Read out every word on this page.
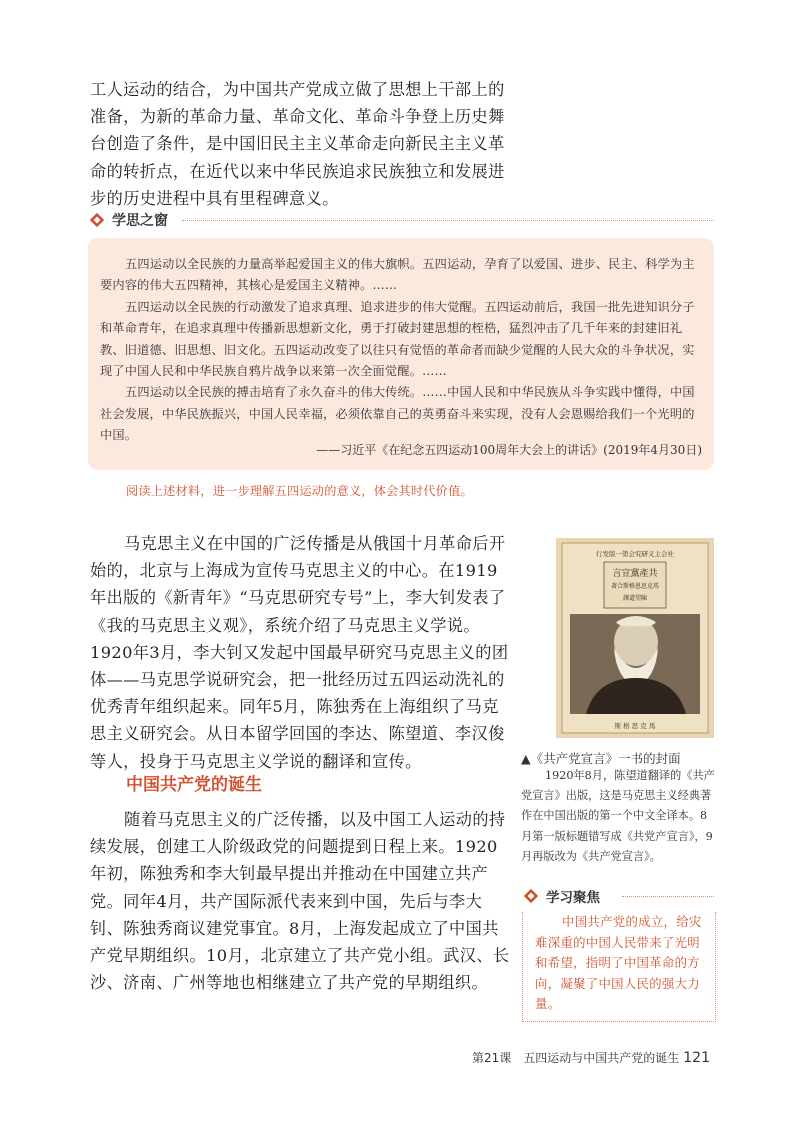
工人运动的结合，为中国共产党成立做了思想上干部上的准备，为新的革命力量、革命文化、革命斗争登上历史舞台创造了条件，是中国旧民主主义革命走向新民主主义革命的转折点，在近代以来中华民族追求民族独立和发展进步的历史进程中具有里程碑意义。

学思之窗

五四运动以全民族的力量高举起爱国主义的伟大旗帜。五四运动，孕育了以爱国、进步、民主、科学为主要内容的伟大五四精神，其核心是爱国主义精神。……

五四运动以全民族的行动激发了追求真理、追求进步的伟大觉醒。五四运动前后，我国一批先进知识分子和革命青年，在追求真理中传播新思想新文化，勇于打破封建思想的桎梏，猛烈冲击了几千年来的封建旧礼教、旧道德、旧思想、旧文化。五四运动改变了以往只有觉悟的革命者而缺少觉醒的人民大众的斗争状况，实现了中国人民和中华民族自鸦片战争以来第一次全面觉醒。……

五四运动以全民族的搏击培育了永久奋斗的伟大传统。……中国人民和中华民族从斗争实践中懂得，中国社会发展，中华民族振兴，中国人民幸福，必须依靠自己的英勇奋斗来实现，没有人会恩赐给我们一个光明的中国。

——习近平《在纪念五四运动100周年大会上的讲话》(2019年4月30日)
阅读上述材料，进一步理解五四运动的意义，体会其时代价值。

马克思主义在中国的广泛传播是从俄国十月革命后开始的，北京与上海成为宣传马克思主义的中心。在1919年出版的《新青年》“马克思研究专号”上，李大钊发表了《我的马克思主义观》，系统介绍了马克思主义学说。1920年3月，李大钊又发起中国最早研究马克思主义的团体——马克思学说研究会，把一批经历过五四运动洗礼的优秀青年组织起来。同年5月，陈独秀在上海组织了马克思主义研究会。从日本留学回国的李达、陈望道、李汉俊等人，投身于马克思主义学说的翻译和宣传。

中国共产党的诞生

随着马克思主义的广泛传播，以及中国工人运动的持续发展，创建工人阶级政党的问题提到日程上来。1920年初，陈独秀和李大钊最早提出并推动在中国建立共产党。同年4月，共产国际派代表来到中国，先后与李大钊、陈独秀商议建党事宜。8月，上海发起成立了中国共产党早期组织。10月，北京建立了共产党小组。武汉、长沙、济南、广州等地也相继建立了共产党的早期组织。

行发版一第会究研义主会社
言宣黨產共
著合斯格恩思克馬
譯道望陳
斯 格 思 克 馬
▲《共产党宣言》一书的封面

1920年8月，陈望道翻译的《共产党宣言》出版，这是马克思主义经典著作在中国出版的第一个中文全译本。8月第一版标题错写成《共党产宣言》，9月再版改为《共产党宣言》。

学习聚焦

中国共产党的成立，给灾难深重的中国人民带来了光明和希望，指明了中国革命的方向，凝聚了中国人民的强大力量。

第21课　五四运动与中国共产党的诞生 121
